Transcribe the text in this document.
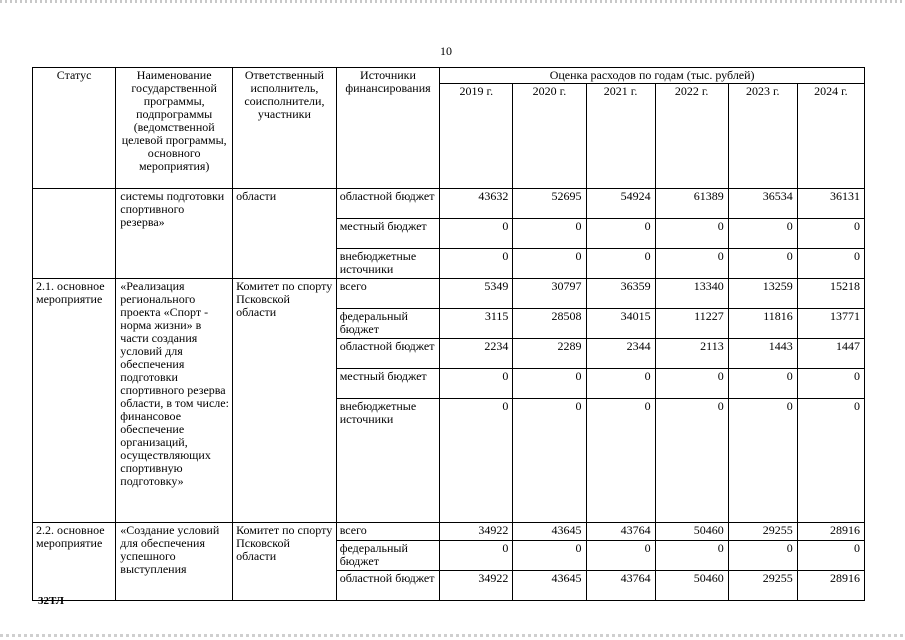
10
Статус	Наименование государственной программы, подпрограммы (ведомственной целевой программы, основного мероприятия)	Ответственный исполнитель, соисполнители, участники	Источники финансирования	Оценка расходов по годам (тыс. рублей)					
				2019 г.	2020 г.	2021 г.	2022 г.	2023 г.	2024 г.
	системы подготовки спортивного резерва»	области	областной бюджет	43632	52695	54924	61389	36534	36131
			местный бюджет	0	0	0	0	0	0
			внебюджетные источники	0	0	0	0	0	0
2.1. основное мероприятие	«Реализация регионального проекта «Спорт - норма жизни» в части создания условий для обеспечения подготовки спортивного резерва области, в том числе: финансовое обеспечение организаций, осуществляющих спортивную подготовку»	Комитет по спорту Псковской области	всего	5349	30797	36359	13340	13259	15218
			федеральный бюджет	3115	28508	34015	11227	11816	13771
			областной бюджет	2234	2289	2344	2113	1443	1447
			местный бюджет	0	0	0	0	0	0
			внебюджетные источники	0	0	0	0	0	0
2.2. основное мероприятие	«Создание условий для обеспечения успешного выступления	Комитет по спорту Псковской области	всего	34922	43645	43764	50460	29255	28916
			федеральный бюджет	0	0	0	0	0	0
			областной бюджет	34922	43645	43764	50460	29255	28916
32ТЛ
